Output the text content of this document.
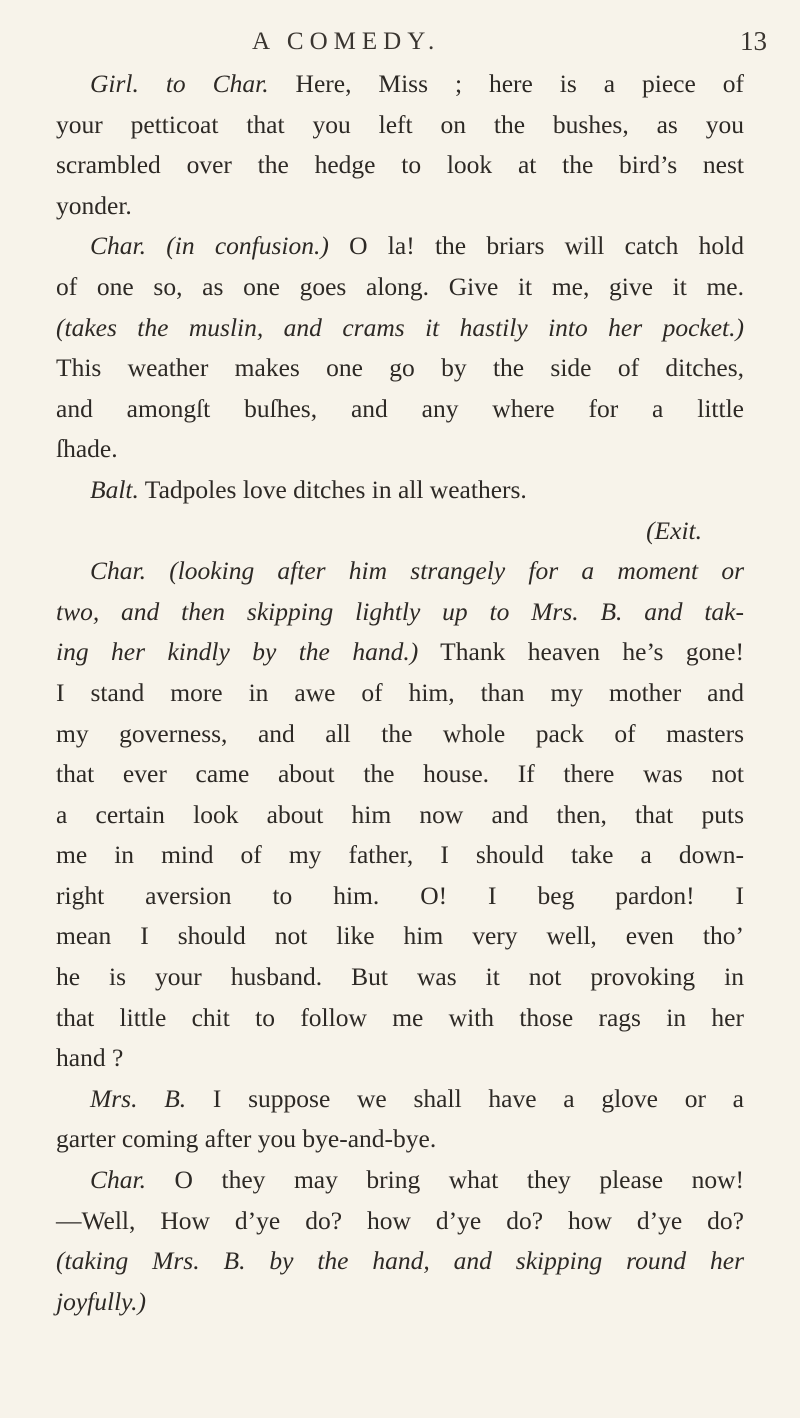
A COMEDY.	13
Girl. to Char. Here, Miss ; here is a piece of
your petticoat that you left on the bushes, as you
scrambled over the hedge to look at the bird’s nest
yonder.
Char. (in confusion.) O la! the briars will catch hold
of one so, as one goes along. Give it me, give it me.
(takes the muslin, and crams it hastily into her pocket.)
This weather makes one go by the side of ditches,
and amongſt buſhes, and any where for a little
ſhade.
Balt. Tadpoles love ditches in all weathers.
(Exit.
Char. (looking after him strangely for a moment or
two, and then skipping lightly up to Mrs. B. and tak-
ing her kindly by the hand.) Thank heaven he’s gone!
I stand more in awe of him, than my mother and
my governess, and all the whole pack of masters
that ever came about the house. If there was not
a certain look about him now and then, that puts
me in mind of my father, I should take a down-
right aversion to him. O! I beg pardon! I
mean I should not like him very well, even tho’
he is your husband. But was it not provoking in
that little chit to follow me with those rags in her
hand ?
Mrs. B. I suppose we shall have a glove or a
garter coming after you bye-and-bye.
Char. O they may bring what they please now!
—Well, How d’ye do? how d’ye do? how d’ye do?
(taking Mrs. B. by the hand, and skipping round her
joyfully.)
